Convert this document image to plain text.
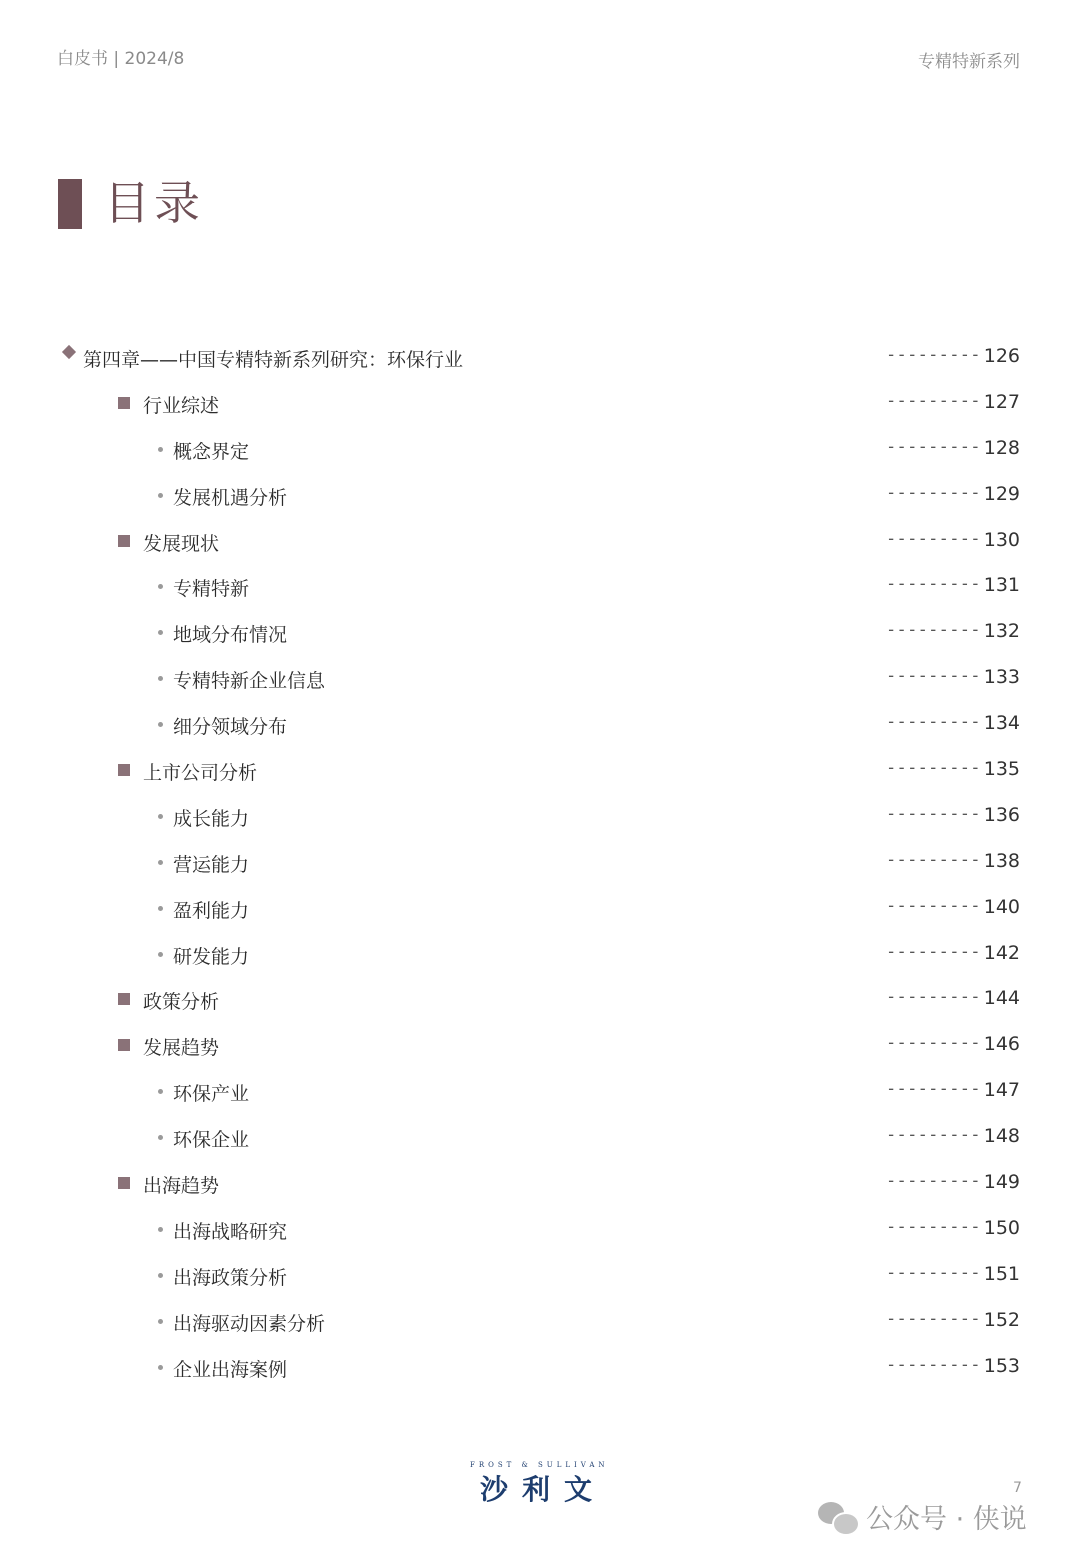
白皮书 | 2024/8	专精特新系列
目录
第四章——中国专精特新系列研究：环保行业	--------- 126
行业综述	--------- 127
概念界定	--------- 128
发展机遇分析	--------- 129
发展现状	--------- 130
专精特新	--------- 131
地域分布情况	--------- 132
专精特新企业信息	--------- 133
细分领域分布	--------- 134
上市公司分析	--------- 135
成长能力	--------- 136
营运能力	--------- 138
盈利能力	--------- 140
研发能力	--------- 142
政策分析	--------- 144
发展趋势	--------- 146
环保产业	--------- 147
环保企业	--------- 148
出海趋势	--------- 149
出海战略研究	--------- 150
出海政策分析	--------- 151
出海驱动因素分析	--------- 152
企业出海案例	--------- 153
FROST & SULLIVAN
沙利文	7
公众号 · 侠说
